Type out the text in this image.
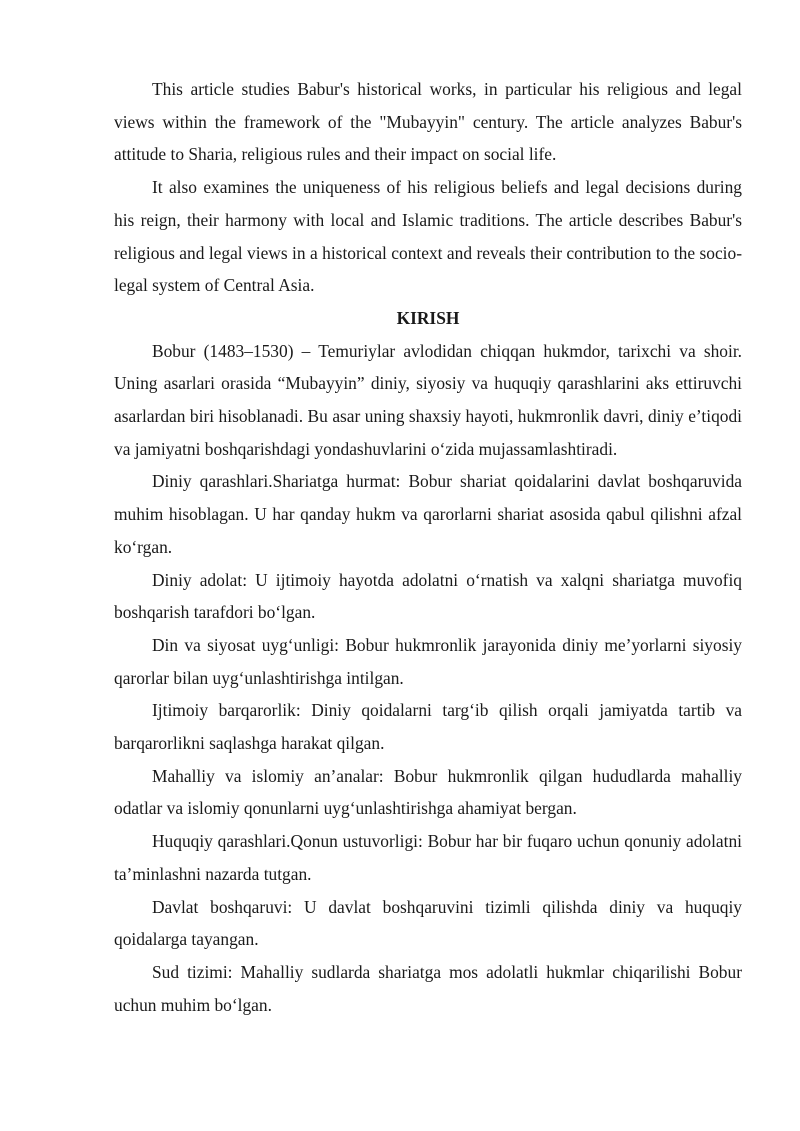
This article studies Babur's historical works, in particular his religious and legal views within the framework of the "Mubayyin" century. The article analyzes Babur's attitude to Sharia, religious rules and their impact on social life.

It also examines the uniqueness of his religious beliefs and legal decisions during his reign, their harmony with local and Islamic traditions. The article describes Babur's religious and legal views in a historical context and reveals their contribution to the socio-legal system of Central Asia.

KIRISH

Bobur (1483–1530) – Temuriylar avlodidan chiqqan hukmdor, tarixchi va shoir. Uning asarlari orasida “Mubayyin” diniy, siyosiy va huquqiy qarashlarini aks ettiruvchi asarlardan biri hisoblanadi. Bu asar uning shaxsiy hayoti, hukmronlik davri, diniy e’tiqodi va jamiyatni boshqarishdagi yondashuvlarini o‘zida mujassamlashtiradi.

Diniy qarashlari.Shariatga hurmat: Bobur shariat qoidalarini davlat boshqaruvida muhim hisoblagan. U har qanday hukm va qarorlarni shariat asosida qabul qilishni afzal ko‘rgan.

Diniy adolat: U ijtimoiy hayotda adolatni o‘rnatish va xalqni shariatga muvofiq boshqarish tarafdori bo‘lgan.

Din va siyosat uyg‘unligi: Bobur hukmronlik jarayonida diniy me’yorlarni siyosiy qarorlar bilan uyg‘unlashtirishga intilgan.

Ijtimoiy barqarorlik: Diniy qoidalarni targ‘ib qilish orqali jamiyatda tartib va barqarorlikni saqlashga harakat qilgan.

Mahalliy va islomiy an’analar: Bobur hukmronlik qilgan hududlarda mahalliy odatlar va islomiy qonunlarni uyg‘unlashtirishga ahamiyat bergan.

Huquqiy qarashlari.Qonun ustuvorligi: Bobur har bir fuqaro uchun qonuniy adolatni ta’minlashni nazarda tutgan.

Davlat boshqaruvi: U davlat boshqaruvini tizimli qilishda diniy va huquqiy qoidalarga tayangan.

Sud tizimi: Mahalliy sudlarda shariatga mos adolatli hukmlar chiqarilishi Bobur uchun muhim bo‘lgan.
